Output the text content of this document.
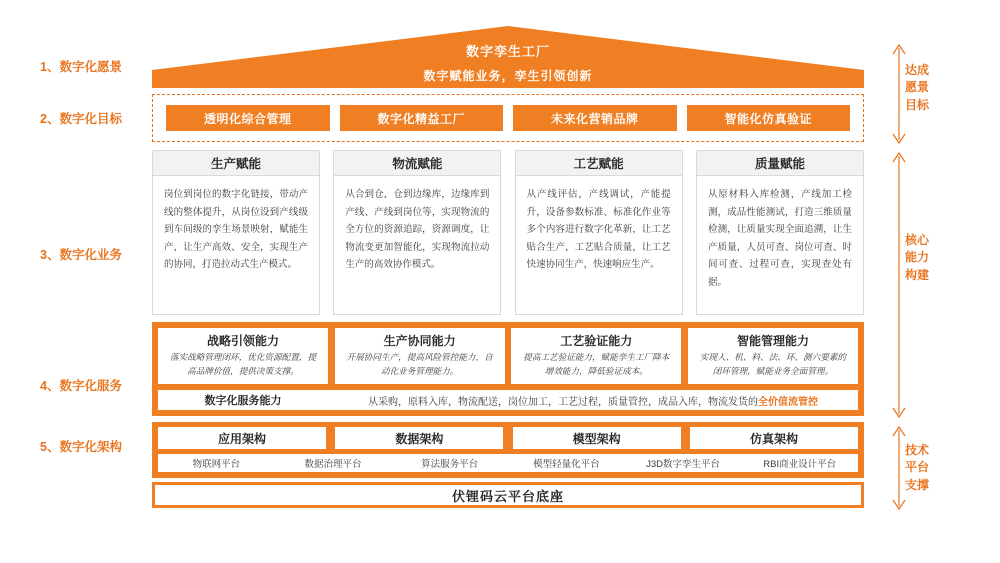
1、数字化愿景
2、数字化目标
3、数字化业务
4、数字化服务
5、数字化架构
数字孪生工厂
数字赋能业务，孪生引领创新
透明化综合管理	数字化精益工厂	未来化营销品牌	智能化仿真验证
生产赋能
岗位到岗位的数字化链接，带动产线的整体提升，从岗位设到产线级到车间级的孪生场景映射，赋能生产，让生产高效、安全，实现生产的协同，打造拉动式生产模式。
物流赋能
从合到仓，仓到边缘库，边缘库到产线、产线到岗位等，实现物流的全方位的资源追踪，资源调度，让物流变更加智能化，实现物流拉动生产的高效协作模式。
工艺赋能
从产线评估，产线调试，产能提升，设备参数标准、标准化作业等多个内容进行数字化革新，让工艺贴合生产，工艺贴合质量，让工艺快速协同生产，快速响应生产。
质量赋能
从原材料入库检测，产线加工检测，成品性能测试，打造三维质量检测，让质量实现全面追溯，让生产质量，人员可查、岗位可查、时间可查、过程可查，实现查处有据。
战略引领能力
落实战略管理闭环，优化资源配置，提高品牌价值，提供决策支撑。
生产协同能力
开展协同生产，提高风险管控能力，自动化业务管理能力。
工艺验证能力
提高工艺验证能力，赋能孪生工厂降本增效能力，降低验证成本。
智能管理能力
实现人、机、料、法、环、测六要素的闭环管理，赋能业务全面管理。
数字化服务能力	从采购，原料入库，物流配送，岗位加工，工艺过程，质量管控，成品入库，物流发货的全价值流管控
应用架构	数据架构	模型架构	仿真架构
物联网平台	数据治理平台	算法服务平台	模型轻量化平台	J3D数字孪生平台	RBI商业设计平台
伏锂码云平台底座
达成愿景目标
核心能力构建
技术平台支撑
